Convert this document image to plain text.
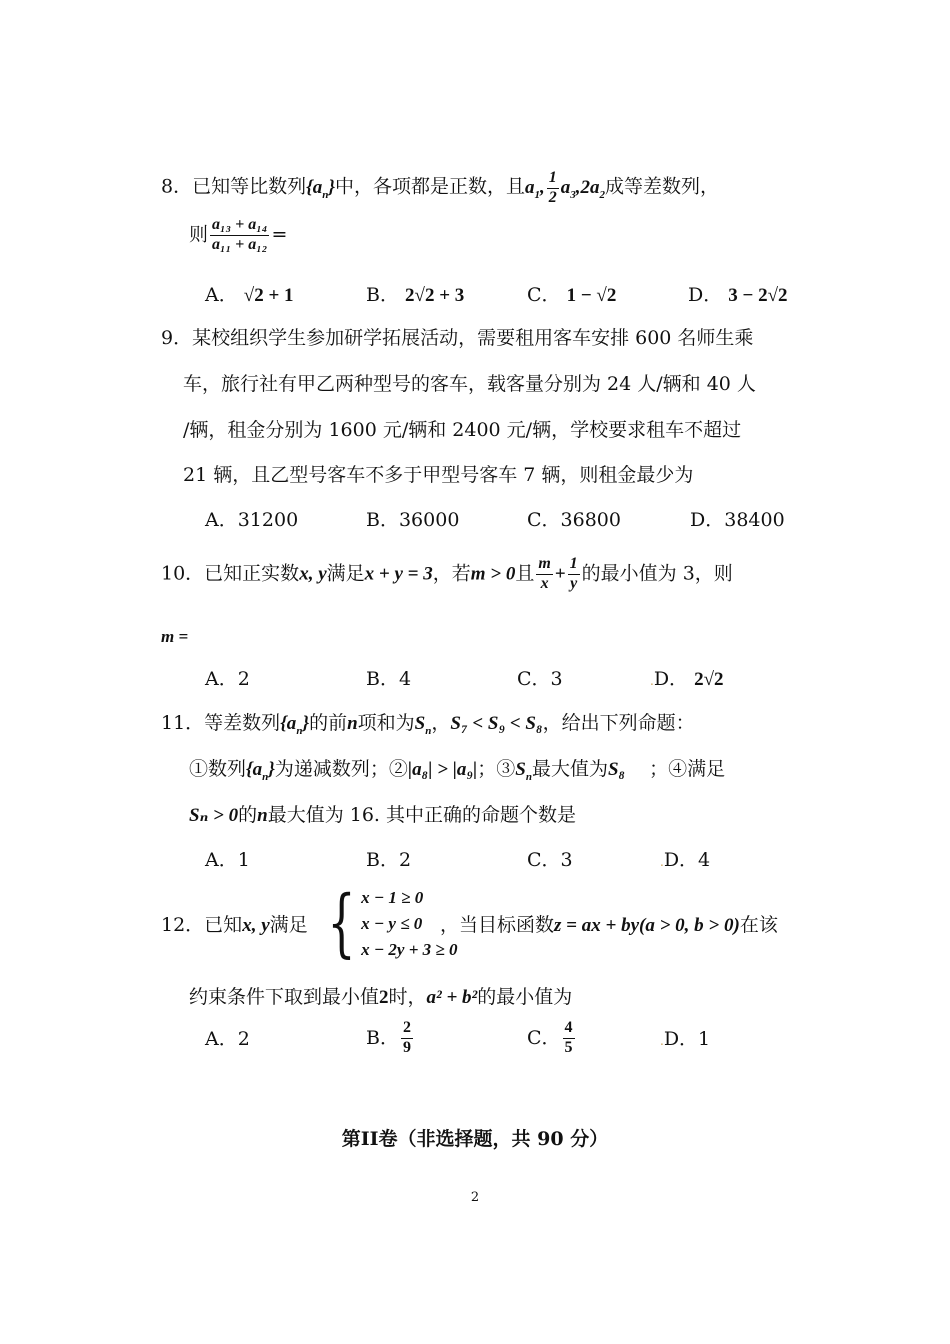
8．已知等比数列$\{a_n\}$中，各项都是正数，且$a_1$, $\frac{1}{2} a_3,2a_2$成等差数列，
则 $\frac{\text{a₁₃ + a₁₄}}{\text{a₁₁ + a₁₂}}$ =
A． √2 + 1	B． 2√2 + 3	C． 1 − √2	D． 3 − 2√2
9．某校组织学生参加研学拓展活动，需要租用客车安排 600 名师生乘
车，旅行社有甲乙两种型号的客车，载客量分别为 24 人/辆和 40 人
/辆，租金分别为 1600 元/辆和 2400 元/辆，学校要求租车不超过
21 辆，且乙型号客车不多于甲型号客车 7 辆，则租金最少为
A．31200	B．36000	C．36800	D．38400
10．已知正实数x, y满足x + y = 3，若m > 0且 $\frac{m}{x} + \frac{1}{y}$ 的最小值为 3，则
m =
A．2	B．4	C．3	.D． 2√2
11．等差数列$\{a_n\}$的前n项和为$S_n$，S₇ < S₉ < S₈，给出下列命题：
①数列$\{a_n\}$为递减数列；②|a₈| > |a₉|；$③S_n$最大值为S₈ ；④满足
Sₙ > 0的n最大值为 16. 其中正确的命题个数是
A．1	B．2	C．3	.D．4
12．已知x, y满足 { x − 1 ≥ 0
x − y ≤ 0
x − 2y + 3 ≥ 0
，当目标函数z = ax + by(a > 0, b > 0)在该
约束条件下取到最小值2时，a² + b²的最小值为
A．2	B． $\frac{2}{9}$	C． $\frac{4}{5}$	.D．1
第II卷（非选择题，共 90 分）
2
